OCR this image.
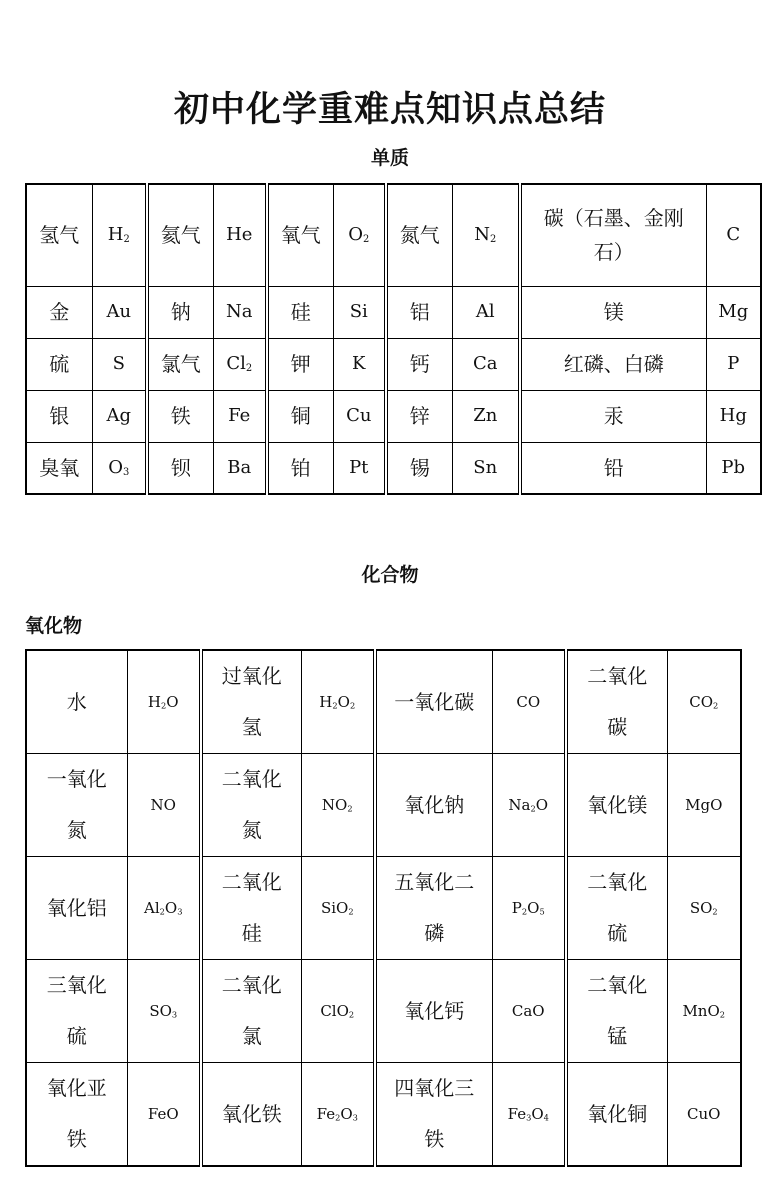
初中化学重难点知识点总结
单质
氢气	$H_2$	氦气	He	氧气	$O_2$	氮气	$N_2$	碳（石墨、金刚石）	C
金	Au	钠	Na	硅	Si	铝	Al	镁	Mg
硫	S	氯气	$Cl_2$	钾	K	钙	Ca	红磷、白磷	P
银	Ag	铁	Fe	铜	Cu	锌	Zn	汞	Hg
臭氧	$O_3$	钡	Ba	铂	Pt	锡	Sn	铅	Pb
化合物
氧化物
水	$H_2O$	过氧化氢	$H_2O_2$	一氧化碳	CO	二氧化碳	$CO_2$
一氧化氮	NO	二氧化氮	$NO_2$	氧化钠	$Na_2O$	氧化镁	MgO
氧化铝	$Al_2O_3$	二氧化硅	SiO$_2$	五氧化二磷	$P_2O_5$	二氧化硫	$SO_2$
三氧化硫	$SO_3$	二氧化氯	ClO$_2$	氧化钙	CaO	二氧化锰	MnO$_2$
氧化亚铁	FeO	氧化铁	$Fe_2O_3$	四氧化三铁	$Fe_3O_4$	氧化铜	CuO
